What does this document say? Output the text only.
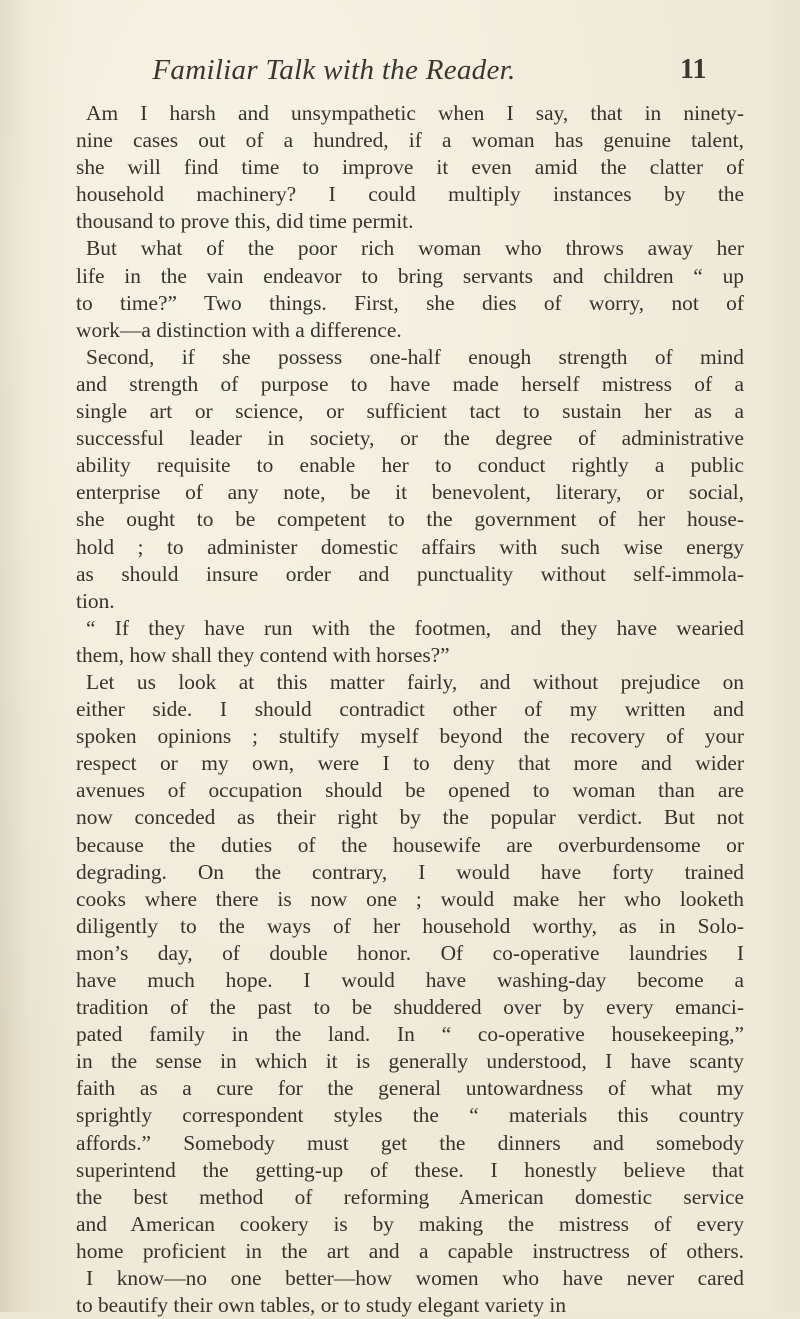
Familiar Talk with the Reader.	11
Am I harsh and unsympathetic when I say, that in ninety-
nine cases out of a hundred, if a woman has genuine talent,
she will find time to improve it even amid the clatter of
household machinery? I could multiply instances by the
thousand to prove this, did time permit.
But what of the poor rich woman who throws away her
life in the vain endeavor to bring servants and children “ up
to time?” Two things. First, she dies of worry, not of
work—a distinction with a difference.
Second, if she possess one-half enough strength of mind
and strength of purpose to have made herself mistress of a
single art or science, or sufficient tact to sustain her as a
successful leader in society, or the degree of administrative
ability requisite to enable her to conduct rightly a public
enterprise of any note, be it benevolent, literary, or social,
she ought to be competent to the government of her house-
hold ; to administer domestic affairs with such wise energy
as should insure order and punctuality without self-immola-
tion.
“ If they have run with the footmen, and they have wearied
them, how shall they contend with horses?”
Let us look at this matter fairly, and without prejudice on
either side. I should contradict other of my written and
spoken opinions ; stultify myself beyond the recovery of your
respect or my own, were I to deny that more and wider
avenues of occupation should be opened to woman than are
now conceded as their right by the popular verdict. But not
because the duties of the housewife are overburdensome or
degrading. On the contrary, I would have forty trained
cooks where there is now one ; would make her who looketh
diligently to the ways of her household worthy, as in Solo-
mon’s day, of double honor. Of co-operative laundries I
have much hope. I would have washing-day become a
tradition of the past to be shuddered over by every emanci-
pated family in the land. In “ co-operative housekeeping,”
in the sense in which it is generally understood, I have scanty
faith as a cure for the general untowardness of what my
sprightly correspondent styles the “ materials this country
affords.” Somebody must get the dinners and somebody
superintend the getting-up of these. I honestly believe that
the best method of reforming American domestic service
and American cookery is by making the mistress of every
home proficient in the art and a capable instructress of others.
I know—no one better—how women who have never cared
to beautify their own tables, or to study elegant variety in
